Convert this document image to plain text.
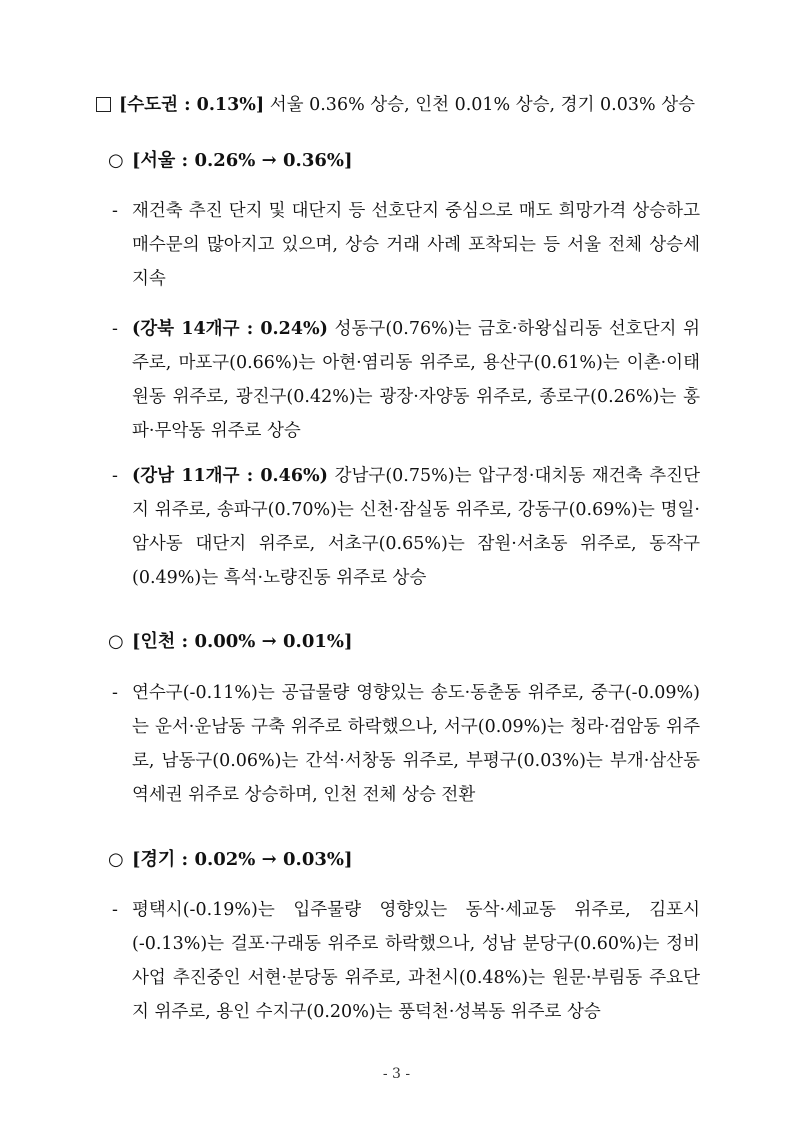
[수도권 : 0.13%] 서울 0.36% 상승, 인천 0.01% 상승, 경기 0.03% 상승
○ [서울 : 0.26% → 0.36%]
- 재건축 추진 단지 및 대단지 등 선호단지 중심으로 매도 희망가격 상승하고 매수문의 많아지고 있으며, 상승 거래 사례 포착되는 등 서울 전체 상승세 지속
- (강북 14개구 : 0.24%) 성동구(0.76%)는 금호·하왕십리동 선호단지 위주로, 마포구(0.66%)는 아현·염리동 위주로, 용산구(0.61%)는 이촌·이태원동 위주로, 광진구(0.42%)는 광장·자양동 위주로, 종로구(0.26%)는 홍파·무악동 위주로 상승
- (강남 11개구 : 0.46%) 강남구(0.75%)는 압구정·대치동 재건축 추진단지 위주로, 송파구(0.70%)는 신천·잠실동 위주로, 강동구(0.69%)는 명일·암사동 대단지 위주로, 서초구(0.65%)는 잠원·서초동 위주로, 동작구(0.49%)는 흑석·노량진동 위주로 상승
○ [인천 : 0.00% → 0.01%]
- 연수구(-0.11%)는 공급물량 영향있는 송도·동춘동 위주로, 중구(-0.09%)는 운서·운남동 구축 위주로 하락했으나, 서구(0.09%)는 청라·검암동 위주로, 남동구(0.06%)는 간석·서창동 위주로, 부평구(0.03%)는 부개·삼산동 역세권 위주로 상승하며, 인천 전체 상승 전환
○ [경기 : 0.02% → 0.03%]
- 평택시(-0.19%)는 입주물량 영향있는 동삭·세교동 위주로, 김포시(-0.13%)는 걸포·구래동 위주로 하락했으나, 성남 분당구(0.60%)는 정비사업 추진중인 서현·분당동 위주로, 과천시(0.48%)는 원문·부림동 주요단지 위주로, 용인 수지구(0.20%)는 풍덕천·성복동 위주로 상승
- 3 -
